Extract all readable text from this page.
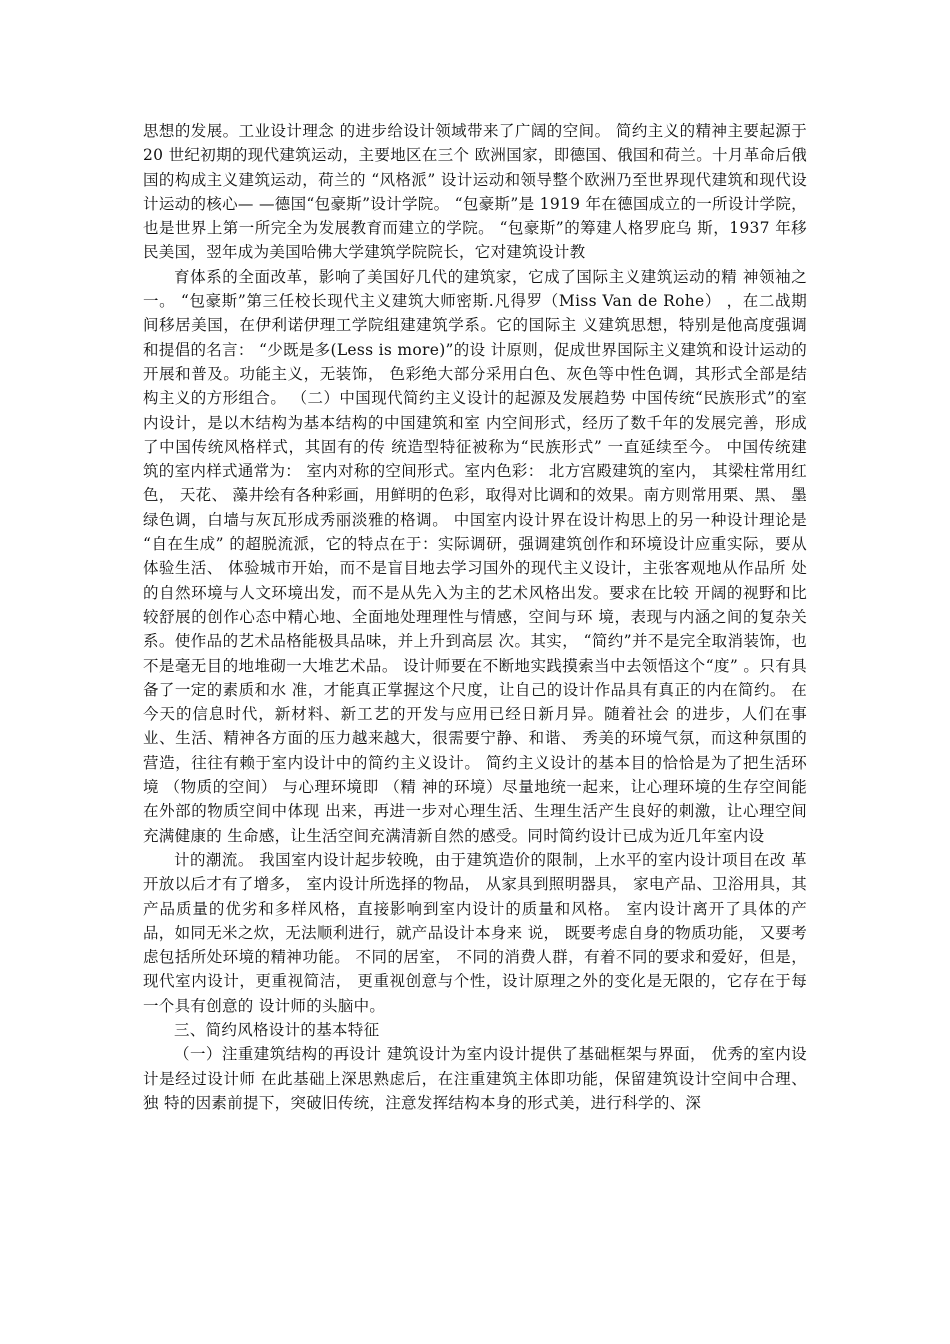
思想的发展。工业设计理念 的进步给设计领域带来了广阔的空间。 简约主义的精神主要起源于 20 世纪初期的现代建筑运动，主要地区在三个 欧洲国家，即德国、俄国和荷兰。十月革命后俄国的构成主义建筑运动，荷兰的 “风格派” 设计运动和领导整个欧洲乃至世界现代建筑和现代设计运动的核心— —德国“包豪斯”设计学院。 “包豪斯”是 1919 年在德国成立的一所设计学院， 也是世界上第一所完全为发展教育而建立的学院。 “包豪斯”的筹建人格罗庇乌 斯，1937 年移民美国，翌年成为美国哈佛大学建筑学院院长，它对建筑设计教

育体系的全面改革，影响了美国好几代的建筑家，它成了国际主义建筑运动的精 神领袖之一。 “包豪斯”第三任校长现代主义建筑大师密斯.凡得罗（Miss Van de Rohe） ，在二战期间移居美国，在伊利诺伊理工学院组建建筑学系。它的国际主 义建筑思想，特别是他高度强调和提倡的名言： “少既是多(Less is more)”的设 计原则，促成世界国际主义建筑和设计运动的开展和普及。功能主义，无装饰， 色彩绝大部分采用白色、灰色等中性色调，其形式全部是结构主义的方形组合。 （二）中国现代简约主义设计的起源及发展趋势 中国传统“民族形式”的室内设计，是以木结构为基本结构的中国建筑和室 内空间形式，经历了数千年的发展完善，形成了中国传统风格样式，其固有的传 统造型特征被称为“民族形式” 一直延续至今。 中国传统建筑的室内样式通常为： 室内对称的空间形式。室内色彩： 北方宫殿建筑的室内， 其梁柱常用红色， 天花、 藻井绘有各种彩画，用鲜明的色彩，取得对比调和的效果。南方则常用栗、黑、 墨绿色调，白墙与灰瓦形成秀丽淡雅的格调。 中国室内设计界在设计构思上的另一种设计理论是 “自在生成” 的超脱流派，它的特点在于：实际调研，强调建筑创作和环境设计应重实际，要从体验生活、 体验城市开始，而不是盲目地去学习国外的现代主义设计，主张客观地从作品所 处的自然环境与人文环境出发，而不是从先入为主的艺术风格出发。要求在比较 开阔的视野和比较舒展的创作心态中精心地、全面地处理理性与情感，空间与环 境，表现与内涵之间的复杂关系。使作品的艺术品格能极具品味，并上升到高层 次。其实， “简约”并不是完全取消装饰，也不是毫无目的地堆砌一大堆艺术品。 设计师要在不断地实践摸索当中去领悟这个“度” 。只有具备了一定的素质和水 准，才能真正掌握这个尺度，让自己的设计作品具有真正的内在简约。 在今天的信息时代，新材料、新工艺的开发与应用已经日新月异。随着社会 的进步，人们在事业、生活、精神各方面的压力越来越大，很需要宁静、和谐、 秀美的环境气氛，而这种氛围的营造，往往有赖于室内设计中的简约主义设计。 简约主义设计的基本目的恰恰是为了把生活环境 （物质的空间） 与心理环境即 （精 神的环境）尽量地统一起来，让心理环境的生存空间能在外部的物质空间中体现 出来，再进一步对心理生活、生理生活产生良好的刺激，让心理空间充满健康的 生命感，让生活空间充满清新自然的感受。同时简约设计已成为近几年室内设

计的潮流。 我国室内设计起步较晚，由于建筑造价的限制，上水平的室内设计项目在改 革开放以后才有了增多， 室内设计所选择的物品， 从家具到照明器具， 家电产品、卫浴用具，其产品质量的优劣和多样风格，直接影响到室内设计的质量和风格。 室内设计离开了具体的产品，如同无米之炊，无法顺利进行，就产品设计本身来 说， 既要考虑自身的物质功能， 又要考虑包括所处环境的精神功能。 不同的居室， 不同的消费人群，有着不同的要求和爱好，但是，现代室内设计，更重视简洁， 更重视创意与个性，设计原理之外的变化是无限的，它存在于每一个具有创意的 设计师的头脑中。

三、简约风格设计的基本特征

（一）注重建筑结构的再设计 建筑设计为室内设计提供了基础框架与界面， 优秀的室内设计是经过设计师 在此基础上深思熟虑后，在注重建筑主体即功能，保留建筑设计空间中合理、独 特的因素前提下，突破旧传统，注意发挥结构本身的形式美，进行科学的、深
